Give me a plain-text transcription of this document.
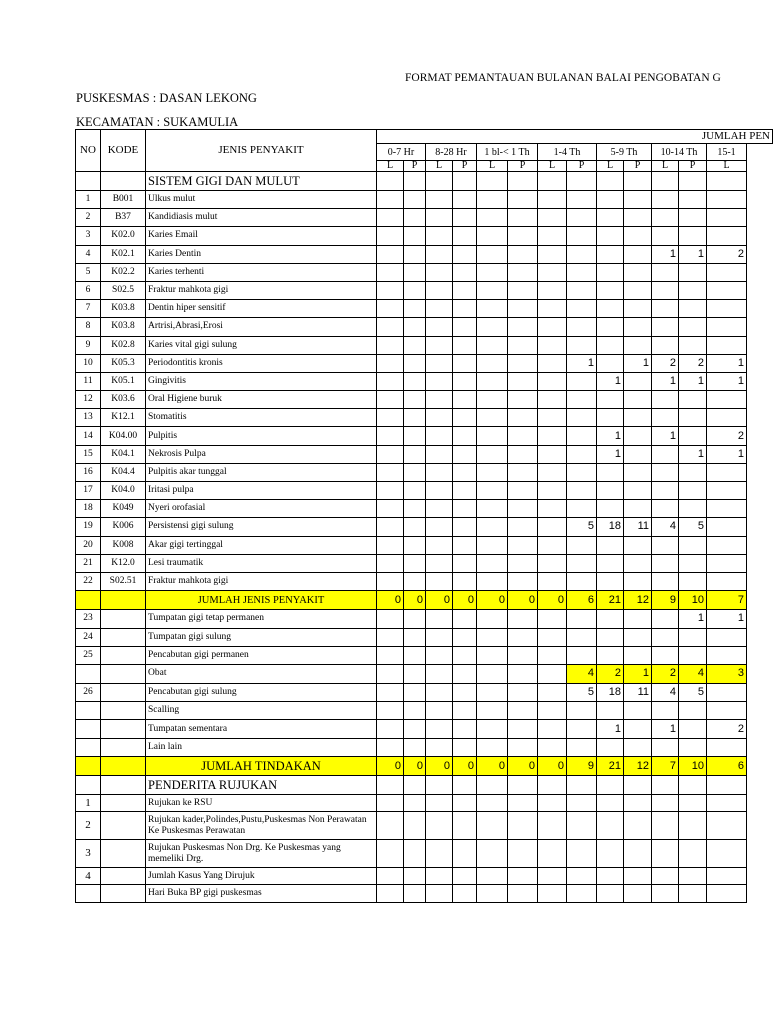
FORMAT PEMANTAUAN BULANAN BALAI PENGOBATAN G
PUSKESMAS : DASAN LEKONG
KECAMATAN : SUKAMULIA
NO	KODE	JENIS PENYAKIT	JUMLAH PEN												
			0-7 Hr		8-28 Hr		1 bl-< 1 Th		1-4 Th		5-9 Th		10-14 Th		15-1
			L	P	L	P	L	P	L	P	L	P	L	P	L
		SISTEM GIGI DAN MULUT													
1	B001	Ulkus mulut													
2	B37	Kandidiasis mulut													
3	K02.0	Karies Email													
4	K02.1	Karies Dentin											1	1	2
5	K02.2	Karies terhenti													
6	S02.5	Fraktur mahkota gigi													
7	K03.8	Dentin hiper sensitif													
8	K03.8	Artrisi,Abrasi,Erosi													
9	K02.8	Karies vital gigi sulung													
10	K05.3	Periodontitis kronis								1		1	2	2	1
11	K05.1	Gingivitis									1		1	1	1
12	K03.6	Oral Higiene buruk													
13	K12.1	Stomatitis													
14	K04.00	Pulpitis									1		1		2
15	K04.1	Nekrosis Pulpa									1			1	1
16	K04.4	Pulpitis akar tunggal													
17	K04.0	Iritasi pulpa													
18	K049	Nyeri orofasial													
19	K006	Persistensi gigi sulung								5	18	11	4	5	
20	K008	Akar gigi tertinggal													
21	K12.0	Lesi traumatik													
22	S02.51	Fraktur mahkota gigi													
		JUMLAH JENIS PENYAKIT	0	0	0	0	0	0	0	6	21	12	9	10	7
23		Tumpatan gigi tetap permanen												1	1
24		Tumpatan gigi sulung													
25		Pencabutan gigi permanen													
		Obat								4	2	1	2	4	3
26		Pencabutan gigi sulung								5	18	11	4	5	
		Scalling													
		Tumpatan sementara									1		1		2
		Lain lain													
		JUMLAH TINDAKAN	0	0	0	0	0	0	0	9	21	12	7	10	6
		PENDERITA RUJUKAN													
1		Rujukan ke RSU													
2		Rujukan kader,Polindes,Pustu,Puskesmas Non Perawatan Ke Puskesmas Perawatan													
3		Rujukan Puskesmas Non Drg. Ke Puskesmas yang memeliki Drg.													
4		Jumlah Kasus Yang Dirujuk													
		Hari Buka BP gigi puskesmas													
